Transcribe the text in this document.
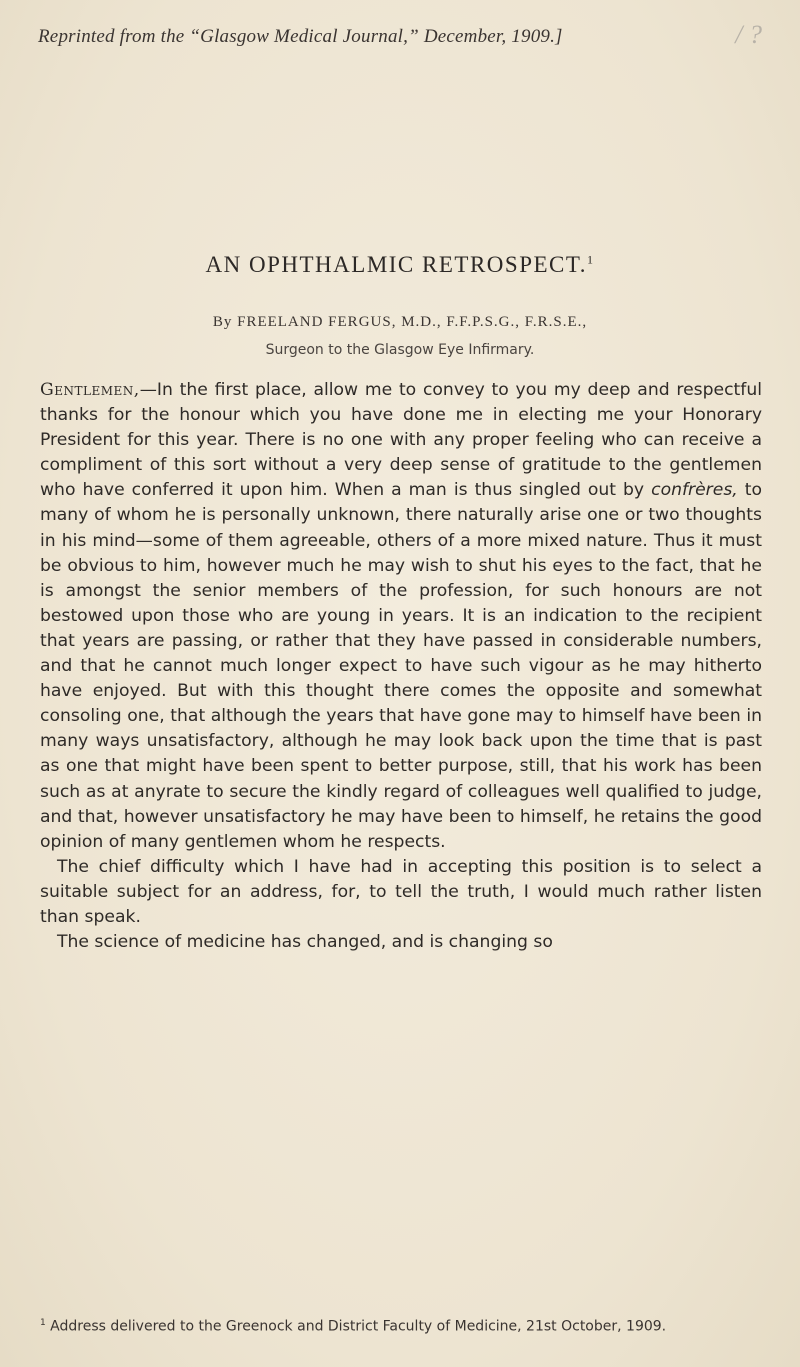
Reprinted from the “Glasgow Medical Journal,” December, 1909.]	/ ?
AN OPHTHALMIC RETROSPECT.$^1$
By FREELAND FERGUS, M.D., F.F.P.S.G., F.R.S.E.,
Surgeon to the Glasgow Eye Infirmary.

Gentlemen,—In the first place, allow me to convey to you my deep and respectful thanks for the honour which you have done me in electing me your Honorary President for this year. There is no one with any proper feeling who can receive a compliment of this sort without a very deep sense of gratitude to the gentlemen who have conferred it upon him. When a man is thus singled out by confrères, to many of whom he is personally unknown, there naturally arise one or two thoughts in his mind—some of them agreeable, others of a more mixed nature. Thus it must be obvious to him, however much he may wish to shut his eyes to the fact, that he is amongst the senior members of the profession, for such honours are not bestowed upon those who are young in years. It is an indication to the recipient that years are passing, or rather that they have passed in considerable numbers, and that he cannot much longer expect to have such vigour as he may hitherto have enjoyed. But with this thought there comes the opposite and somewhat consoling one, that although the years that have gone may to himself have been in many ways unsatisfactory, although he may look back upon the time that is past as one that might have been spent to better purpose, still, that his work has been such as at anyrate to secure the kindly regard of colleagues well qualified to judge, and that, however unsatisfactory he may have been to himself, he retains the good opinion of many gentlemen whom he respects.

The chief difficulty which I have had in accepting this position is to select a suitable subject for an address, for, to tell the truth, I would much rather listen than speak.

The science of medicine has changed, and is changing so

$^1$ Address delivered to the Greenock and District Faculty of Medicine, 21st October, 1909.
